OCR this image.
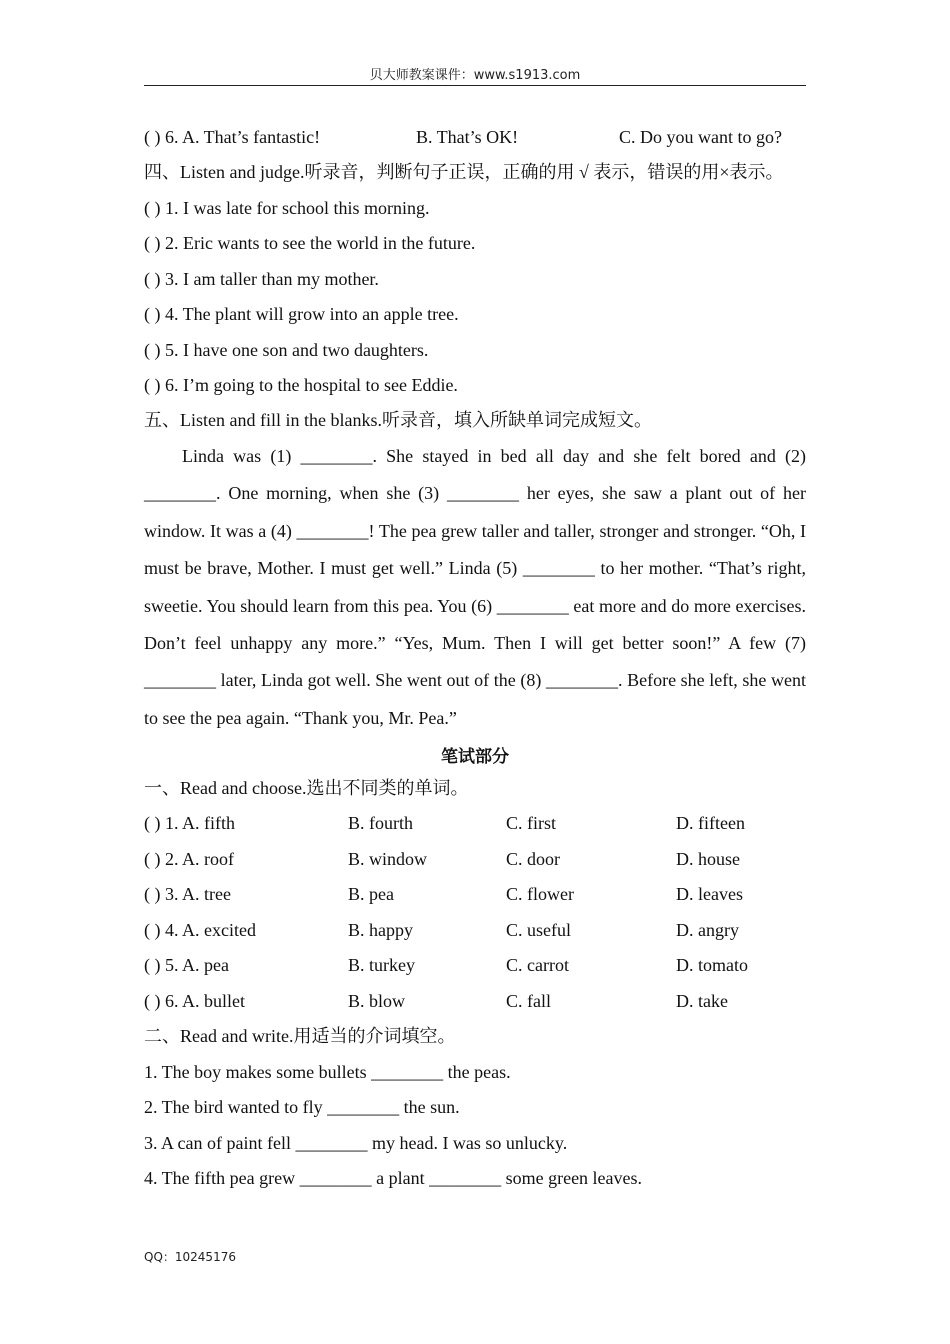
贝大师教案课件：www.s1913.com
( ) 6. A. That’s fantastic!	B. That’s OK!	C. Do you want to go?
四、Listen and judge.听录音，判断句子正误，正确的用 √ 表示，错误的用×表示。
( ) 1. I was late for school this morning.
( ) 2. Eric wants to see the world in the future.
( ) 3. I am taller than my mother.
( ) 4. The plant will grow into an apple tree.
( ) 5. I have one son and two daughters.
( ) 6. I’m going to the hospital to see Eddie.
五、Listen and fill in the blanks.听录音，填入所缺单词完成短文。

Linda was (1) ________. She stayed in bed all day and she felt bored and (2) ________. One morning, when she (3) ________ her eyes, she saw a plant out of her window. It was a (4) ________! The pea grew taller and taller, stronger and stronger. “Oh, I must be brave, Mother. I must get well.” Linda (5) ________ to her mother. “That’s right, sweetie. You should learn from this pea. You (6) ________ eat more and do more exercises. Don’t feel unhappy any more.” “Yes, Mum. Then I will get better soon!” A few (7) ________ later, Linda got well. She went out of the (8) ________. Before she left, she went to see the pea again. “Thank you, Mr. Pea.”

笔试部分
一、Read and choose.选出不同类的单词。
( ) 1. A. fifth	B. fourth	C. first	D. fifteen
( ) 2. A. roof	B. window	C. door	D. house
( ) 3. A. tree	B. pea	C. flower	D. leaves
( ) 4. A. excited	B. happy	C. useful	D. angry
( ) 5. A. pea	B. turkey	C. carrot	D. tomato
( ) 6. A. bullet	B. blow	C. fall	D. take
二、Read and write.用适当的介词填空。
1. The boy makes some bullets ________ the peas.
2. The bird wanted to fly ________ the sun.
3. A can of paint fell ________ my head. I was so unlucky.
4. The fifth pea grew ________ a plant ________ some green leaves.
QQ：10245176
